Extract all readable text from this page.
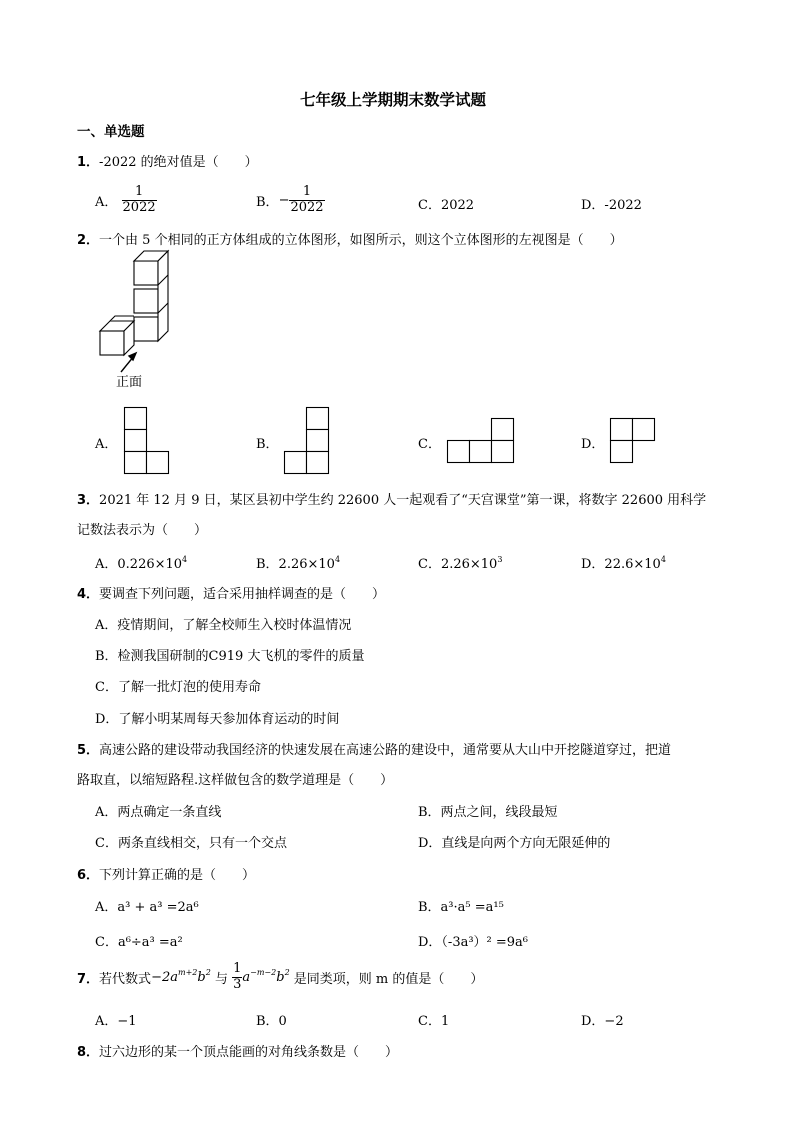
七年级上学期期末数学试题
一、单选题
1．-2022 的绝对值是（　　）
A． $\frac{1}{2022}$	B．− $\frac{1}{2022}$	C．2022	D．-2022
2．一个由 5 个相同的正方体组成的立体图形，如图所示，则这个立体图形的左视图是（　　）
正面
A．	B．	C．	D．
3．2021 年 12 月 9 日，某区县初中学生约 22600 人一起观看了“天宫课堂”第一课，将数字 22600 用科学
记数法表示为（　　）
A．$0.226\times 10^4$	B．$2.26\times 10^4$	C．$2.26\times 10^3$	D．$22.6\times 10^4$
4．要调查下列问题，适合采用抽样调查的是（　　）
A．疫情期间，了解全校师生入校时体温情况
B．检测我国研制的C919 大飞机的零件的质量
C．了解一批灯泡的使用寿命
D．了解小明某周每天参加体育运动的时间
5．高速公路的建设带动我国经济的快速发展在高速公路的建设中，通常要从大山中开挖隧道穿过，把道
路取直，以缩短路程.这样做包含的数学道理是（　　）
A．两点确定一条直线	B．两点之间，线段最短
C．两条直线相交，只有一个交点	D．直线是向两个方向无限延伸的
6．下列计算正确的是（　　）
A．a³ + a³ =2a⁶	B．a³·a⁵ =a¹⁵
C．a⁶÷a³ =a²	D．（-3a³）² =9a⁶
7．若代数式$-2a^{m+2}b^2$ 与 $\frac{1}{3} a^{-m-2}b^2$ 是同类项，则 m 的值是（　　）
A．−1	B．0	C．1	D．−2
8．过六边形的某一个顶点能画的对角线条数是（　　）
